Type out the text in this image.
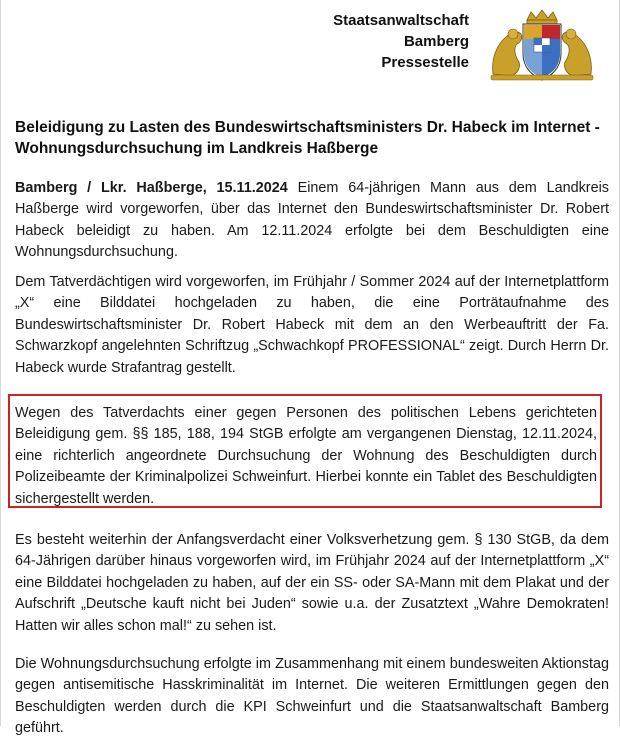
Staatsanwaltschaft
Bamberg
Pressestelle
Beleidigung zu Lasten des Bundeswirtschaftsministers Dr. Habeck im Internet - Wohnungsdurchsuchung im Landkreis Haßberge
Bamberg / Lkr. Haßberge, 15.11.2024 Einem 64-jährigen Mann aus dem Landkreis Haßberge wird vorgeworfen, über das Internet den Bundeswirtschaftsminister Dr. Robert Habeck beleidigt zu haben. Am 12.11.2024 erfolgte bei dem Beschuldigten eine Wohnungsdurchsuchung.
Dem Tatverdächtigen wird vorgeworfen, im Frühjahr / Sommer 2024 auf der Internetplattform „X“ eine Bilddatei hochgeladen zu haben, die eine Porträtaufnahme des Bundeswirtschaftsminister Dr. Robert Habeck mit dem an den Werbeauftritt der Fa. Schwarzkopf angelehnten Schriftzug „Schwachkopf PROFESSIONAL“ zeigt. Durch Herrn Dr. Habeck wurde Strafantrag gestellt.
Wegen des Tatverdachts einer gegen Personen des politischen Lebens gerichteten Beleidigung gem. §§ 185, 188, 194 StGB erfolgte am vergangenen Dienstag, 12.11.2024, eine richterlich angeordnete Durchsuchung der Wohnung des Beschuldigten durch Polizeibeamte der Kriminalpolizei Schweinfurt. Hierbei konnte ein Tablet des Beschuldigten sichergestellt werden.
Es besteht weiterhin der Anfangsverdacht einer Volksverhetzung gem. § 130 StGB, da dem 64-Jährigen darüber hinaus vorgeworfen wird, im Frühjahr 2024 auf der Internetplattform „X“ eine Bilddatei hochgeladen zu haben, auf der ein SS- oder SA-Mann mit dem Plakat und der Aufschrift „Deutsche kauft nicht bei Juden“ sowie u.a. der Zusatztext „Wahre Demokraten! Hatten wir alles schon mal!“ zu sehen ist.
Die Wohnungsdurchsuchung erfolgte im Zusammenhang mit einem bundesweiten Aktionstag gegen antisemitische Hasskriminalität im Internet. Die weiteren Ermittlungen gegen den Beschuldigten werden durch die KPI Schweinfurt und die Staatsanwaltschaft Bamberg geführt.
